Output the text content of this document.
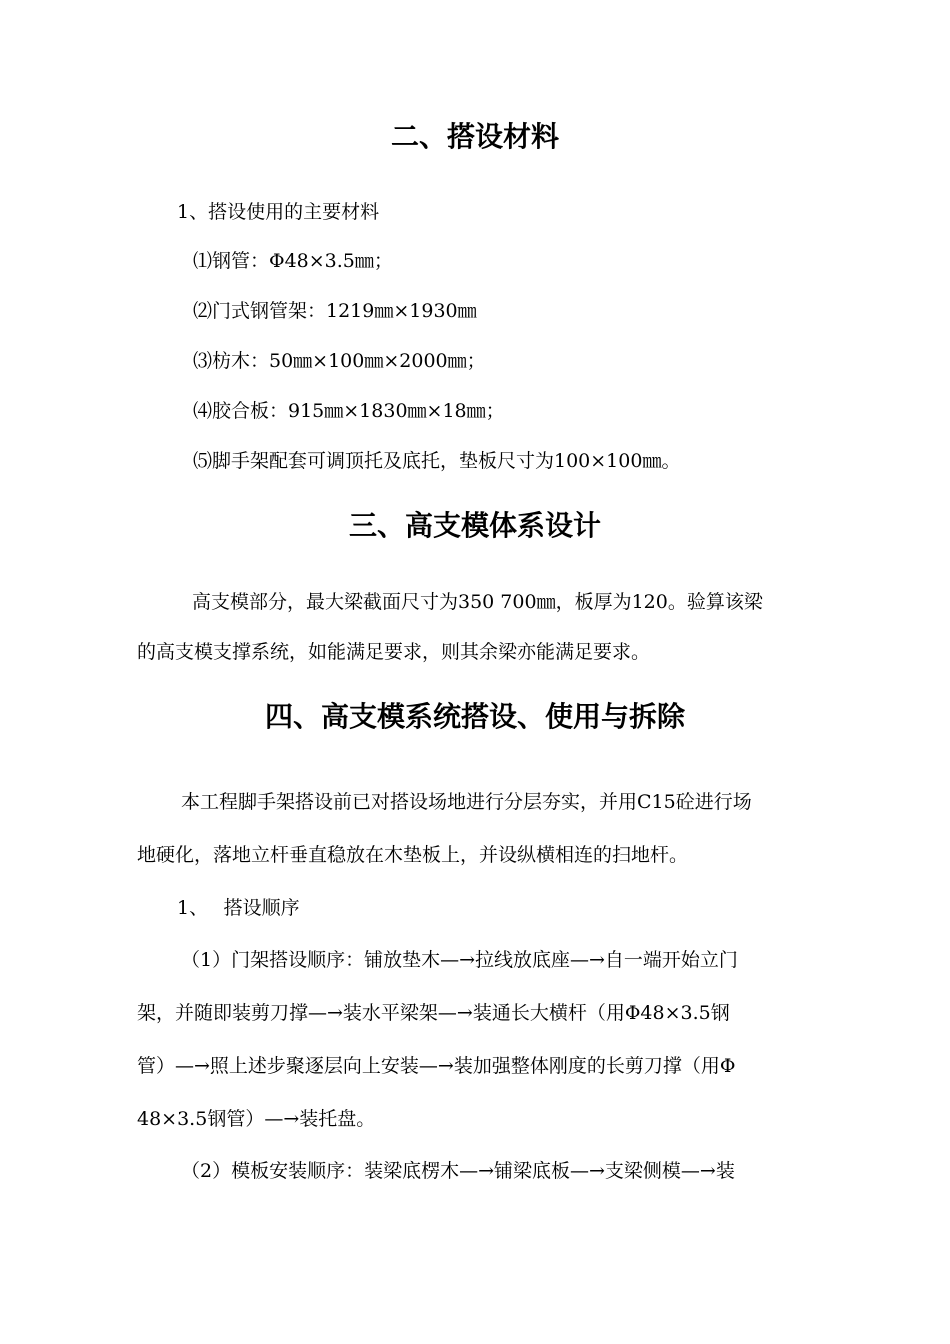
二、搭设材料
1、搭设使用的主要材料
⑴钢管：Φ48×3.5㎜；
⑵门式钢管架：1219㎜×1930㎜
⑶枋木：50㎜×100㎜×2000㎜；
⑷胶合板：915㎜×1830㎜×18㎜；
⑸脚手架配套可调顶托及底托，垫板尺寸为100×100㎜。
三、高支模体系设计
高支模部分，最大梁截面尺寸为350 700㎜，板厚为120。验算该梁
的高支模支撑系统，如能满足要求，则其余梁亦能满足要求。
四、高支模系统搭设、使用与拆除
本工程脚手架搭设前已对搭设场地进行分层夯实，并用C15砼进行场
地硬化，落地立杆垂直稳放在木垫板上，并设纵横相连的扫地杆。
1、　 搭设顺序
（1）门架搭设顺序：铺放垫木—→拉线放底座—→自一端开始立门
架，并随即装剪刀撑—→装水平梁架—→装通长大横杆（用Φ48×3.5钢
管）—→照上述步聚逐层向上安装—→装加强整体刚度的长剪刀撑（用Φ
48×3.5钢管）—→装托盘。
（2）模板安装顺序：装梁底楞木—→铺梁底板—→支梁侧模—→装
